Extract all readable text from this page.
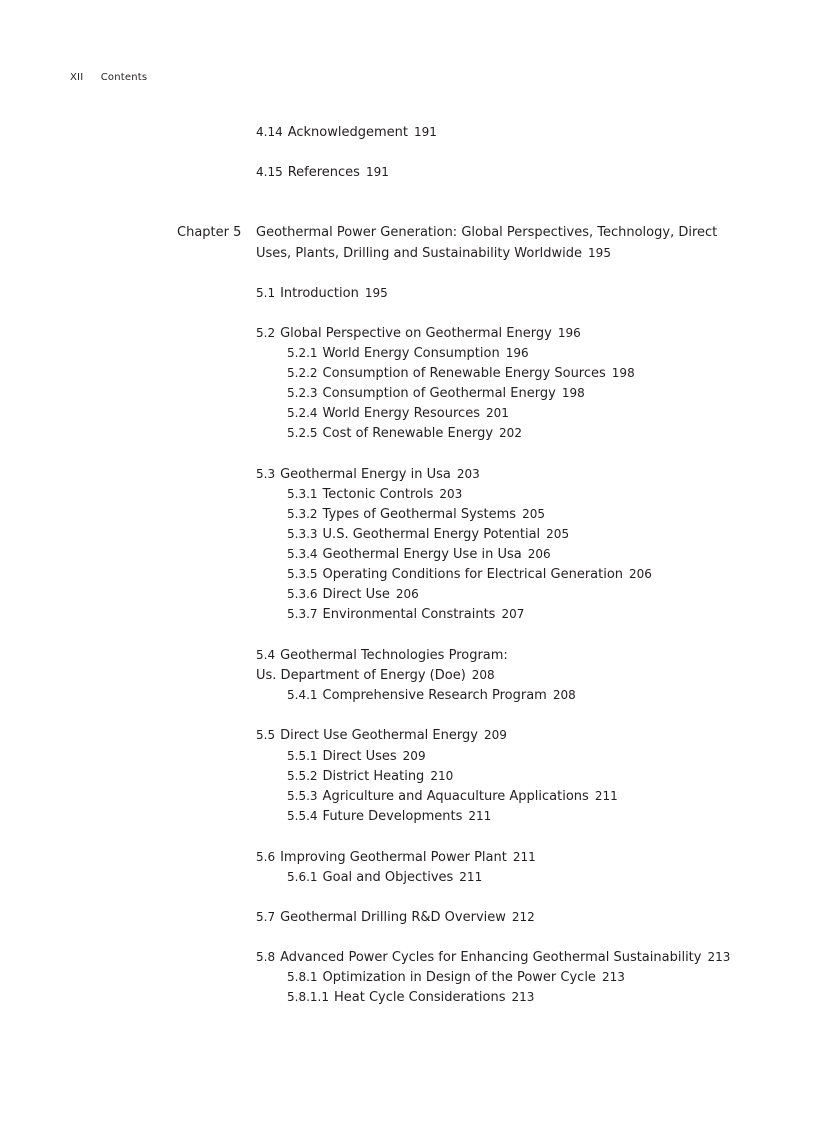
XII Contents
4.14 Acknowledgement 191
4.15 References 191
Chapter 5 Geothermal Power Generation: Global Perspectives, Technology, Direct
Uses, Plants, Drilling and Sustainability Worldwide 195
5.1 Introduction 195
5.2 Global Perspective on Geothermal Energy 196
5.2.1 World Energy Consumption 196
5.2.2 Consumption of Renewable Energy Sources 198
5.2.3 Consumption of Geothermal Energy 198
5.2.4 World Energy Resources 201
5.2.5 Cost of Renewable Energy 202
5.3 Geothermal Energy in Usa 203
5.3.1 Tectonic Controls 203
5.3.2 Types of Geothermal Systems 205
5.3.3 U.S. Geothermal Energy Potential 205
5.3.4 Geothermal Energy Use in Usa 206
5.3.5 Operating Conditions for Electrical Generation 206
5.3.6 Direct Use 206
5.3.7 Environmental Constraints 207
5.4 Geothermal Technologies Program:
Us. Department of Energy (Doe) 208
5.4.1 Comprehensive Research Program 208
5.5 Direct Use Geothermal Energy 209
5.5.1 Direct Uses 209
5.5.2 District Heating 210
5.5.3 Agriculture and Aquaculture Applications 211
5.5.4 Future Developments 211
5.6 Improving Geothermal Power Plant 211
5.6.1 Goal and Objectives 211
5.7 Geothermal Drilling R&D Overview 212
5.8 Advanced Power Cycles for Enhancing Geothermal Sustainability 213
5.8.1 Optimization in Design of the Power Cycle 213
5.8.1.1 Heat Cycle Considerations 213
